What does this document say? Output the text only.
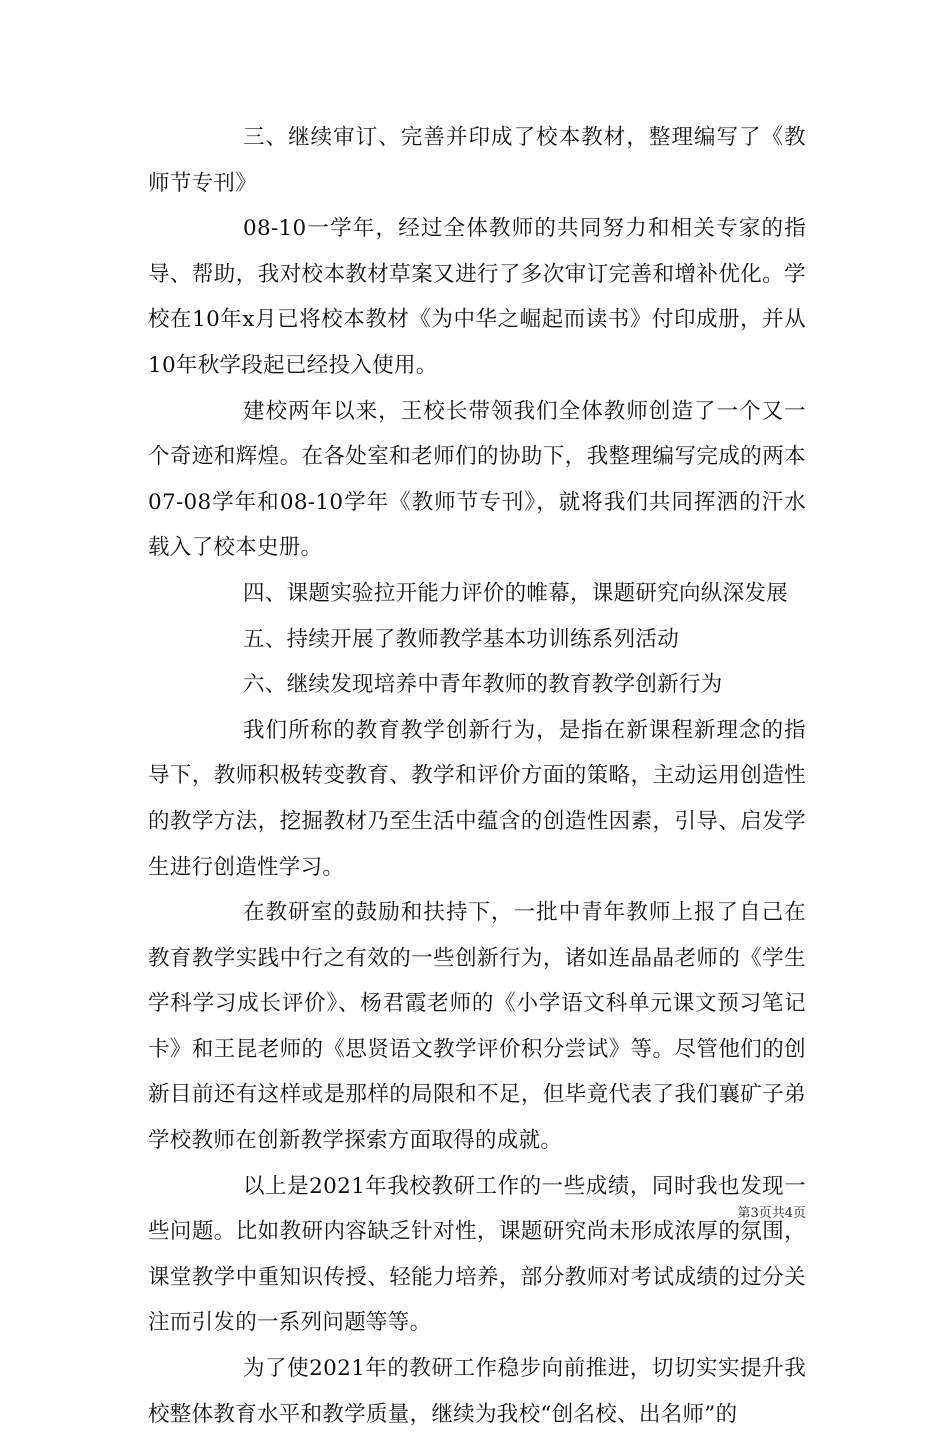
三、继续审订、完善并印成了校本教材，整理编写了《教师节专刊》

08-10一学年，经过全体教师的共同努力和相关专家的指导、帮助，我对校本教材草案又进行了多次审订完善和增补优化。学校在10年x月已将校本教材《为中华之崛起而读书》付印成册，并从10年秋学段起已经投入使用。

建校两年以来，王校长带领我们全体教师创造了一个又一个奇迹和辉煌。在各处室和老师们的协助下，我整理编写完成的两本07-08学年和08-10学年《教师节专刊》，就将我们共同挥洒的汗水载入了校本史册。

四、课题实验拉开能力评价的帷幕，课题研究向纵深发展

五、持续开展了教师教学基本功训练系列活动

六、继续发现培养中青年教师的教育教学创新行为

我们所称的教育教学创新行为，是指在新课程新理念的指导下，教师积极转变教育、教学和评价方面的策略，主动运用创造性的教学方法，挖掘教材乃至生活中蕴含的创造性因素，引导、启发学生进行创造性学习。

在教研室的鼓励和扶持下，一批中青年教师上报了自己在教育教学实践中行之有效的一些创新行为，诸如连晶晶老师的《学生学科学习成长评价》、杨君霞老师的《小学语文科单元课文预习笔记卡》和王昆老师的《思贤语文教学评价积分尝试》等。尽管他们的创新目前还有这样或是那样的局限和不足，但毕竟代表了我们襄矿子弟学校教师在创新教学探索方面取得的成就。

以上是2021年我校教研工作的一些成绩，同时我也发现一些问题。比如教研内容缺乏针对性，课题研究尚未形成浓厚的氛围，课堂教学中重知识传授、轻能力培养，部分教师对考试成绩的过分关注而引发的一系列问题等等。

为了使2021年的教研工作稳步向前推进，切切实实提升我校整体教育水平和教学质量，继续为我校“创名校、出名师”的

第3页共4页
